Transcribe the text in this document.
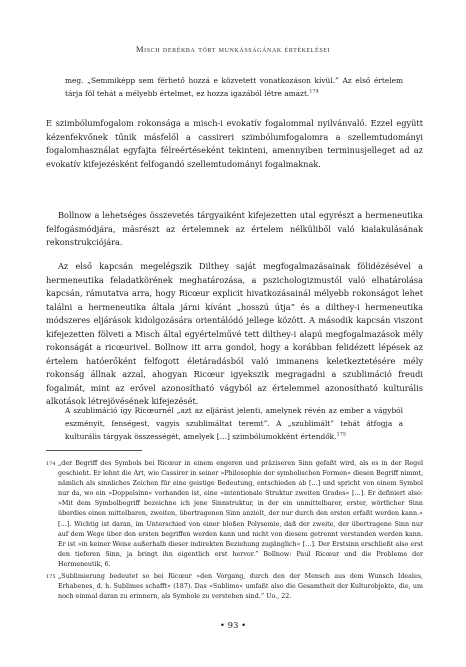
Misch derékba tört munkásságának értékelései
meg. „Semmiképp sem férhető hozzá e közvetett vonatkozáson kívül.” Az első értelem tárja föl tehát a mélyebb értelmet, ez hozza igazából létre amazt.$^{174}$
E szimbólumfogalom rokonsága a misch-i evokatív fogalommal nyilvánvaló. Ezzel együtt kézenfekvőnek tűnik másfelől a cassireri szimbólumfogalomra a szellemtudományi fogalomhasználat egyfajta félreértéseként tekinteni, amennyiben terminusjelleget ad az evokatív kifejezésként felfogandó szellemtudományi fogalmaknak.
Bollnow a lehetséges összevetés tárgyaiként kifejezetten utal egyrészt a hermeneutika felfogásmódjára, másrészt az értelemnek az értelem nélküliből való kialakulásának rekonstrukciójára.
Az első kapcsán megelégszik Dilthey saját megfogalmazásainak fölidézésével a hermeneutika feladatkörének meghatározása, a pszichologizmustól való elhatárolása kapcsán, rámutatva arra, hogy Ricœur explicit hivatkozásainál mélyebb rokonságot lehet találni a hermeneutika általa járni kívánt „hosszú útja” és a dilthey-i hermeneutika módszeres eljárások kidolgozására orientálódó jellege között. A második kapcsán viszont kifejezetten fölveti a Misch által egyértelművé tett dilthey-i alapú megfogalmazások mély rokonságát a ricœurivel. Bollnow itt arra gondol, hogy a korábban felidézett lépések az értelem hatóerőként felfogott életáradásból való immanens keletkeztetésére mély rokonság állnak azzal, ahogyan Ricœur igyekszik megragadni a szublimáció freudi fogalmát, mint az erővel azonosítható vágyból az értelemmel azonosítható kulturális alkotások létrejövésének kifejezését.
A szublimáció így Ricœurnél „azt az eljárást jelenti, amelynek révén az ember a vágyból eszményit, fenségest, vagyis szublimáltat teremt”. A „szublimált” tehát átfogja a kulturális tárgyak összességét, amelyek […] szimbólumokként értendők.$^{175}$
174 „der Begriff des Symbols bei Ricœur in einem engeren und präziseren Sinn gefaßt wird, als es in der Regel geschieht. Er lehnt die Art, wie Cassirer in seiner »Philosophie der symbolischen Formen« diesen Begriff nimmt, nämlich als sinnliches Zeichen für eine geistige Bedeutung, entschieden ab […] und spricht von einem Symbol nur da, wo ein »Doppelsinn« vorhanden ist, eine »intentionale Struktur zweiten Grades« […]. Er definiert also: »Mit dem Symbolbegriff bezeichne ich jene Sinnstruktur, in der ein unmittelbarer, erster, wörtlicher Sinn überdies einen mittelbaren, zweiten, übertragenen Sinn anzielt, der nur durch den ersten erfaßt werden kann.« […]. Wichtig ist daran, im Unterschied von einer bloßen Polysemie, daß der zweite, der übertragene Sinn nur auf dem Wege über den ersten begriffen werden kann und nicht von diesem getrennt verstanden werden kann. Er ist »in keiner Weise außerhalb dieser indirekten Beziehung zugänglich« […]. Der Erstsinn erschließt also erst den tieferen Sinn, ja bringt ihn eigentlich erst hervor.” Bollnow: Paul Ricœur und die Probleme der Hermeneutik, 6.
175 „Sublimierung bedeutet so bei Ricœur »den Vorgang, durch den der Mensch aus dem Wunsch Ideales, Erhabenes, d. h. Sublimes schafft« (187). Das »Sublime« umfaßt also die Gesamtheit der Kulturobjekte, die, um noch einmal daran zu erinnern, als Symbole zu verstehen sind.” Uo., 22.
• 93 •
